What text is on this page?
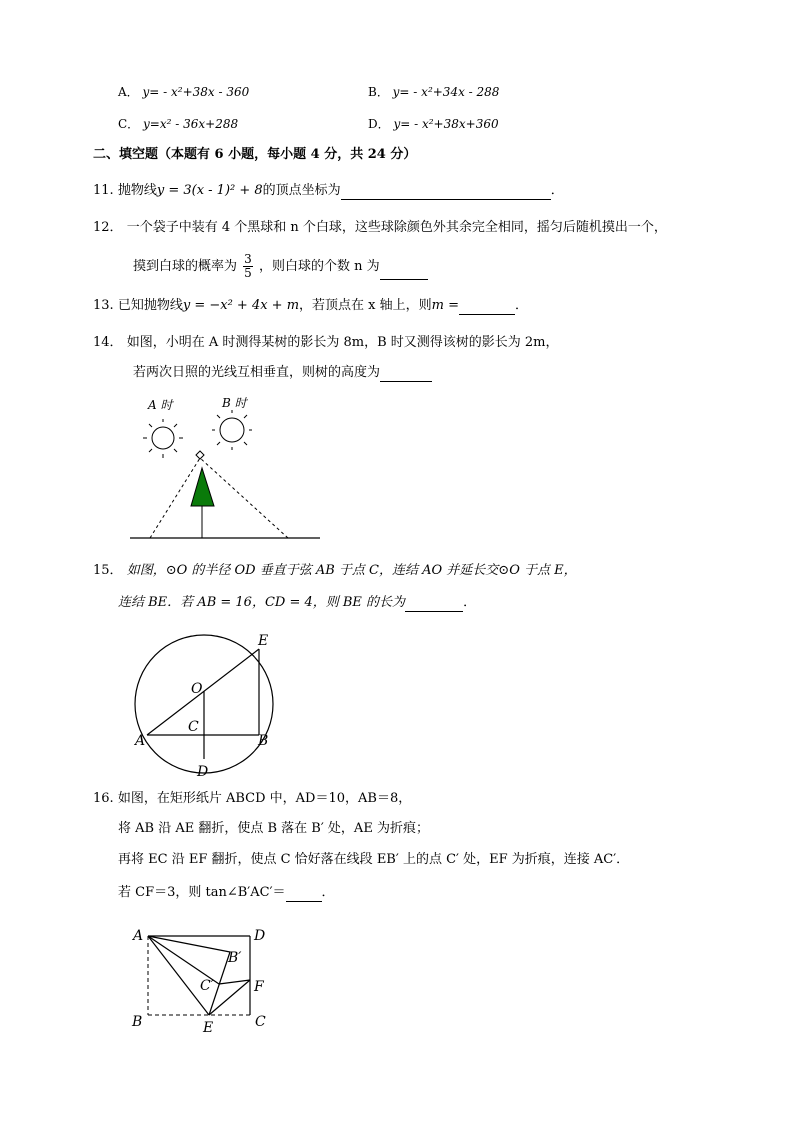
A． y= - x²+38x - 360	B． y= - x²+34x - 288
C． y=x² - 36x+288	D． y= - x²+38x+360
二、填空题（本题有 6 小题，每小题 4 分，共 24 分）
11. 抛物线y = 3(x - 1)² + 8的顶点坐标为	．
12． 一个袋子中装有 4 个黑球和 n 个白球，这些球除颜色外其余完全相同，摇匀后随机摸出一个，
摸到白球的概率为 $\frac{3}{5}$ ，则白球的个数 n 为
13. 已知抛物线y = −x² + 4x + m，若顶点在 x 轴上，则m =	．
14． 如图，小明在 A 时测得某树的影长为 8m，B 时又测得该树的影长为 2m，
若两次日照的光线互相垂直，则树的高度为
A 时	B 时
15． 如图，⊙O 的半径 OD 垂直于弦 AB 于点 C，连结 AO 并延长交⊙O 于点 E，
连结 BE．若 AB = 16，CD = 4，则 BE 的长为	．
E
O
C
A	B
D
16. 如图，在矩形纸片 ABCD 中，AD＝10，AB＝8，
将 AB 沿 AE 翻折，使点 B 落在 B′ 处，AE 为折痕；
再将 EC 沿 EF 翻折，使点 C 恰好落在线段 EB′ 上的点 C′ 处，EF 为折痕，连接 AC′．
若 CF＝3，则 tan∠B′AC′＝	．
A	D
B′
C′	F
B	E	C
